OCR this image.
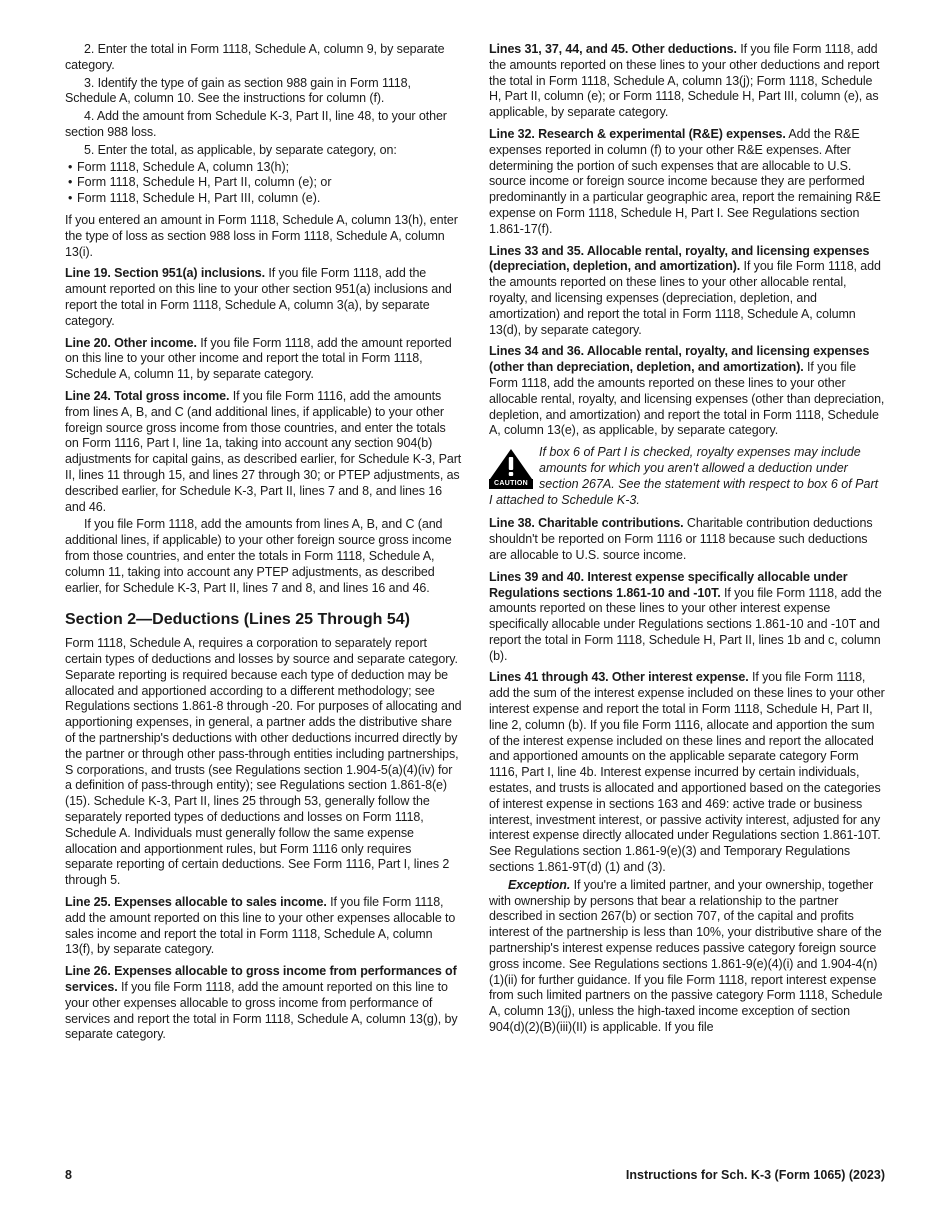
2. Enter the total in Form 1118, Schedule A, column 9, by separate category.

3. Identify the type of gain as section 988 gain in Form 1118, Schedule A, column 10. See the instructions for column (f).

4. Add the amount from Schedule K-3, Part II, line 48, to your other section 988 loss.

5. Enter the total, as applicable, by separate category, on:

• Form 1118, Schedule A, column 13(h);
• Form 1118, Schedule H, Part II, column (e); or
• Form 1118, Schedule H, Part III, column (e).

If you entered an amount in Form 1118, Schedule A, column 13(h), enter the type of loss as section 988 loss in Form 1118, Schedule A, column 13(i).

Line 19. Section 951(a) inclusions. If you file Form 1118, add the amount reported on this line to your other section 951(a) inclusions and report the total in Form 1118, Schedule A, column 3(a), by separate category.

Line 20. Other income. If you file Form 1118, add the amount reported on this line to your other income and report the total in Form 1118, Schedule A, column 11, by separate category.

Line 24. Total gross income. If you file Form 1116, add the amounts from lines A, B, and C (and additional lines, if applicable) to your other foreign source gross income from those countries, and enter the totals on Form 1116, Part I, line 1a, taking into account any section 904(b) adjustments for capital gains, as described earlier, for Schedule K-3, Part II, lines 11 through 15, and lines 27 through 30; or PTEP adjustments, as described earlier, for Schedule K-3, Part II, lines 7 and 8, and lines 16 and 46.

If you file Form 1118, add the amounts from lines A, B, and C (and additional lines, if applicable) to your other foreign source gross income from those countries, and enter the totals in Form 1118, Schedule A, column 11, taking into account any PTEP adjustments, as described earlier, for Schedule K-3, Part II, lines 7 and 8, and lines 16 and 46.

Section 2—Deductions (Lines 25 Through 54)

Form 1118, Schedule A, requires a corporation to separately report certain types of deductions and losses by source and separate category. Separate reporting is required because each type of deduction may be allocated and apportioned according to a different methodology; see Regulations sections 1.861-8 through -20. For purposes of allocating and apportioning expenses, in general, a partner adds the distributive share of the partnership's deductions with other deductions incurred directly by the partner or through other pass-through entities including partnerships, S corporations, and trusts (see Regulations section 1.904-5(a)(4)(iv) for a definition of pass-through entity); see Regulations section 1.861-8(e)(15). Schedule K-3, Part II, lines 25 through 53, generally follow the separately reported types of deductions and losses on Form 1118, Schedule A. Individuals must generally follow the same expense allocation and apportionment rules, but Form 1116 only requires separate reporting of certain deductions. See Form 1116, Part I, lines 2 through 5.

Line 25. Expenses allocable to sales income. If you file Form 1118, add the amount reported on this line to your other expenses allocable to sales income and report the total in Form 1118, Schedule A, column 13(f), by separate category.

Line 26. Expenses allocable to gross income from performances of services. If you file Form 1118, add the amount reported on this line to your other expenses allocable to gross income from performance of services and report the total in Form 1118, Schedule A, column 13(g), by separate category.

Lines 31, 37, 44, and 45. Other deductions. If you file Form 1118, add the amounts reported on these lines to your other deductions and report the total in Form 1118, Schedule A, column 13(j); Form 1118, Schedule H, Part II, column (e); or Form 1118, Schedule H, Part III, column (e), as applicable, by separate category.

Line 32. Research & experimental (R&E) expenses. Add the R&E expenses reported in column (f) to your other R&E expenses. After determining the portion of such expenses that are allocable to U.S. source income or foreign source income because they are performed predominantly in a particular geographic area, report the remaining R&E expense on Form 1118, Schedule H, Part I. See Regulations section 1.861-17(f).

Lines 33 and 35. Allocable rental, royalty, and licensing expenses (depreciation, depletion, and amortization). If you file Form 1118, add the amounts reported on these lines to your other allocable rental, royalty, and licensing expenses (depreciation, depletion, and amortization) and report the total in Form 1118, Schedule A, column 13(d), by separate category.

Lines 34 and 36. Allocable rental, royalty, and licensing expenses (other than depreciation, depletion, and amortization). If you file Form 1118, add the amounts reported on these lines to your other allocable rental, royalty, and licensing expenses (other than depreciation, depletion, and amortization) and report the total in Form 1118, Schedule A, column 13(e), as applicable, by separate category.

CAUTION
If box 6 of Part I is checked, royalty expenses may include amounts for which you aren't allowed a deduction under section 267A. See the statement with respect to box 6 of Part I attached to Schedule K-3.

Line 38. Charitable contributions. Charitable contribution deductions shouldn't be reported on Form 1116 or 1118 because such deductions are allocable to U.S. source income.

Lines 39 and 40. Interest expense specifically allocable under Regulations sections 1.861-10 and -10T. If you file Form 1118, add the amounts reported on these lines to your other interest expense specifically allocable under Regulations sections 1.861-10 and -10T and report the total in Form 1118, Schedule H, Part II, lines 1b and c, column (b).

Lines 41 through 43. Other interest expense. If you file Form 1118, add the sum of the interest expense included on these lines to your other interest expense and report the total in Form 1118, Schedule H, Part II, line 2, column (b). If you file Form 1116, allocate and apportion the sum of the interest expense included on these lines and report the allocated and apportioned amounts on the applicable separate category Form 1116, Part I, line 4b. Interest expense incurred by certain individuals, estates, and trusts is allocated and apportioned based on the categories of interest expense in sections 163 and 469: active trade or business interest, investment interest, or passive activity interest, adjusted for any interest expense directly allocated under Regulations section 1.861-10T. See Regulations section 1.861-9(e)(3) and Temporary Regulations sections 1.861-9T(d) (1) and (3).

Exception. If you're a limited partner, and your ownership, together with ownership by persons that bear a relationship to the partner described in section 267(b) or section 707, of the capital and profits interest of the partnership is less than 10%, your distributive share of the partnership's interest expense reduces passive category foreign source gross income. See Regulations sections 1.861-9(e)(4)(i) and 1.904-4(n)(1)(ii) for further guidance. If you file Form 1118, report interest expense from such limited partners on the passive category Form 1118, Schedule A, column 13(j), unless the high-taxed income exception of section 904(d)(2)(B)(iii)(II) is applicable. If you file

8	Instructions for Sch. K-3 (Form 1065) (2023)
